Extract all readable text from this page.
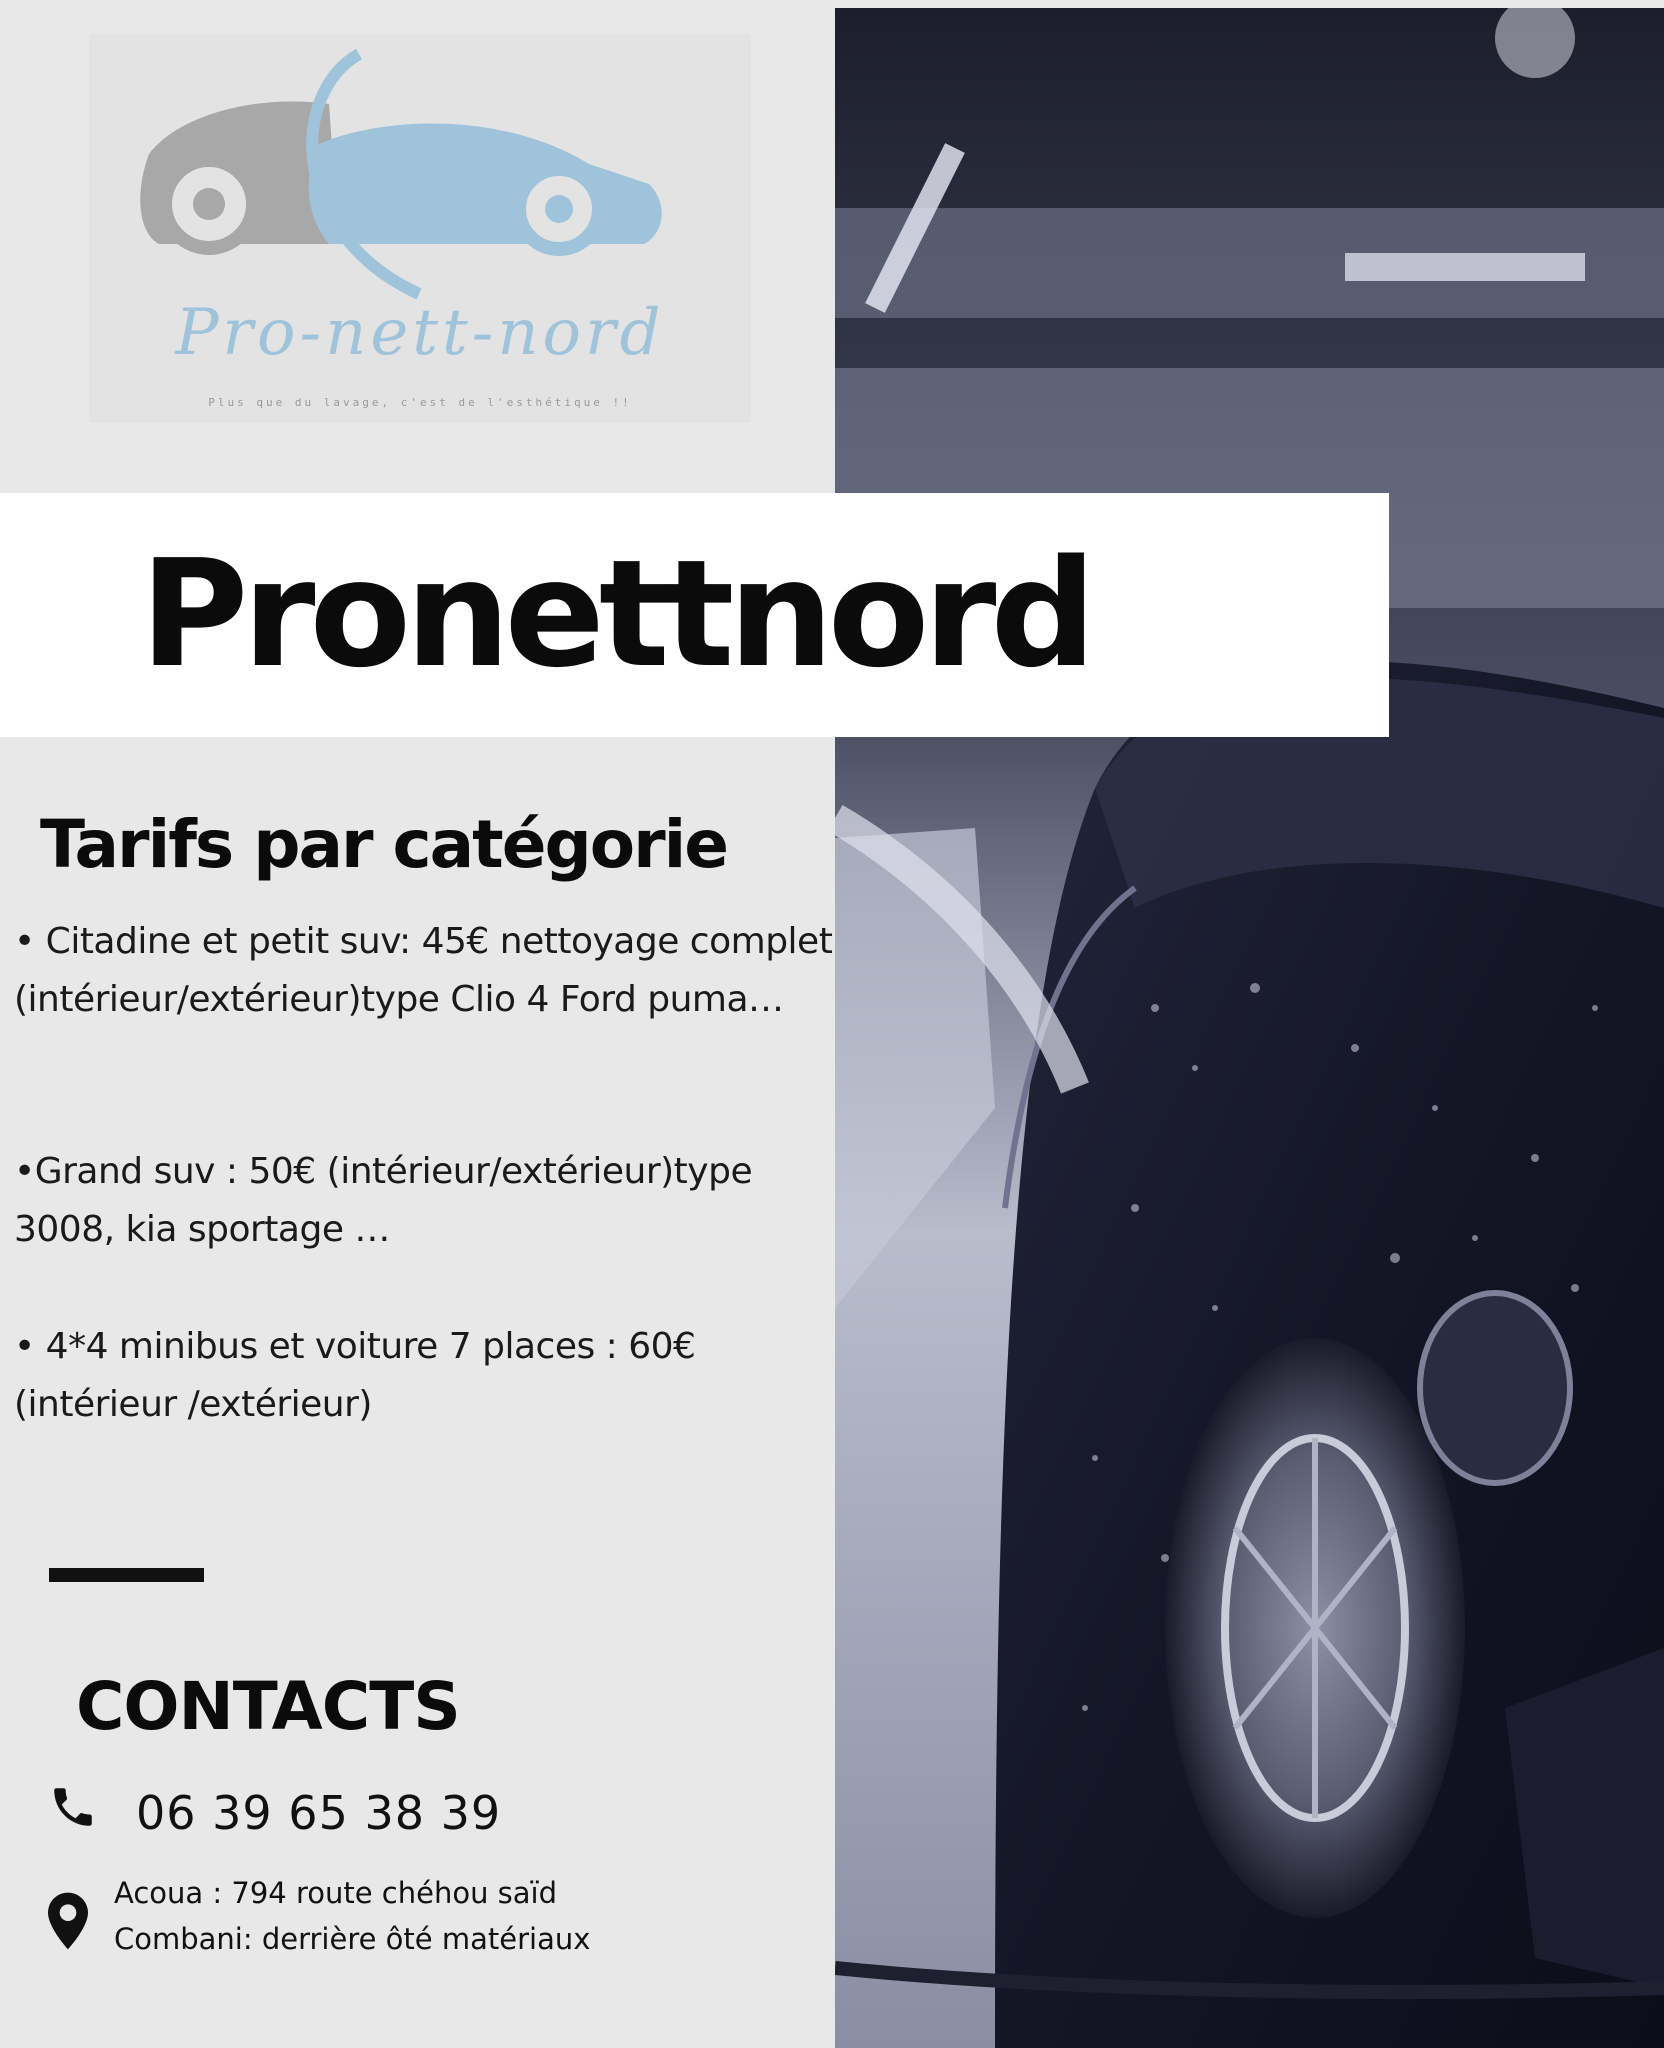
Pro-nett-nord
Plus que du lavage, c'est de l'esthétique !!
Pronettnord
Tarifs par catégorie
• Citadine et petit suv: 45€ nettoyage complet (intérieur/extérieur)type Clio 4 Ford puma…
•Grand suv : 50€ (intérieur/extérieur)type 3008, kia sportage …
• 4*4 minibus et voiture 7 places : 60€ (intérieur /extérieur)
CONTACTS
06 39 65 38 39
Acoua : 794 route chéhou saïd
Combani: derrière ôté matériaux
